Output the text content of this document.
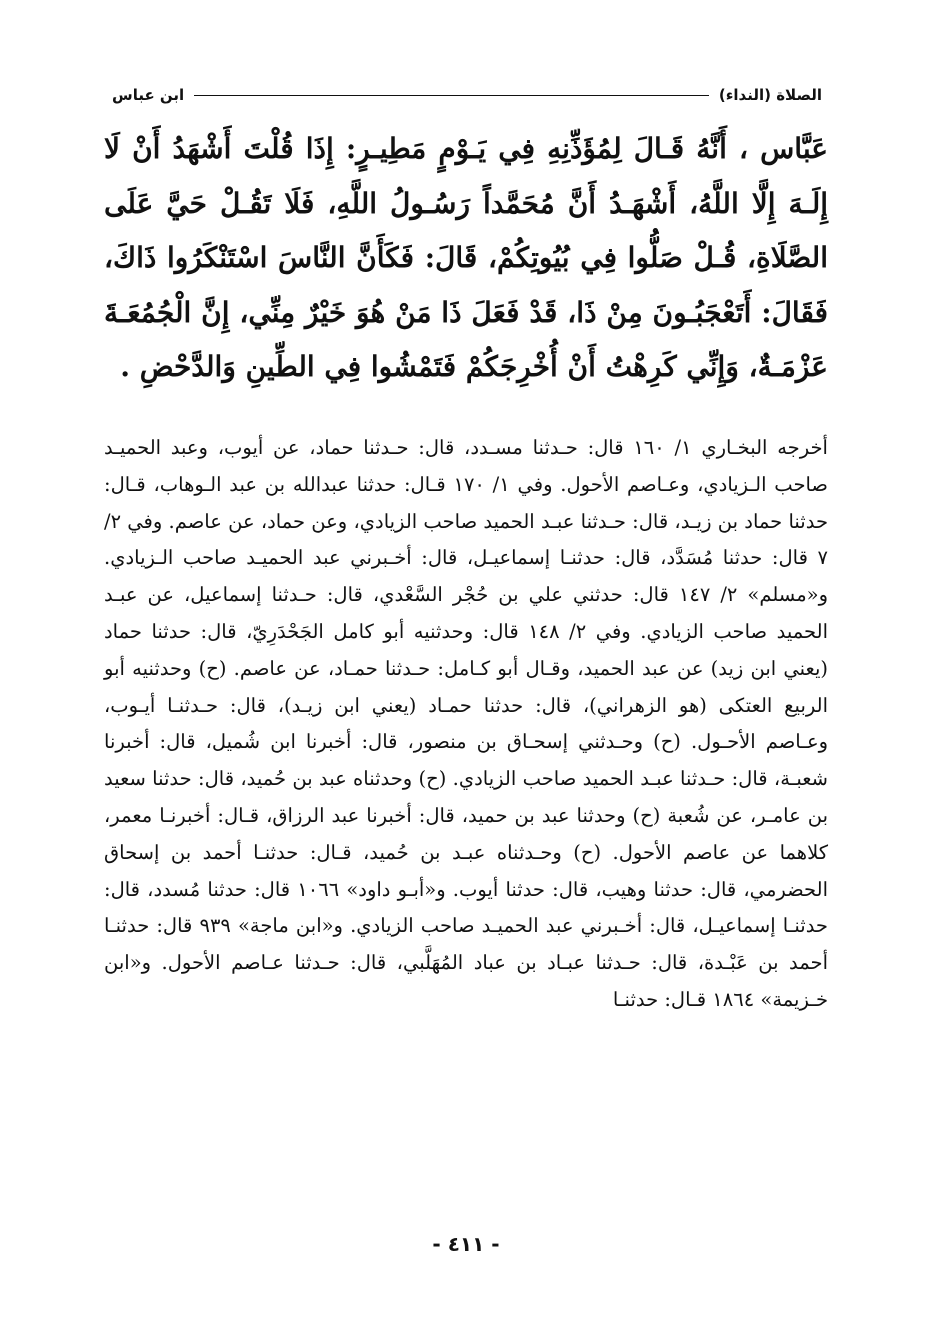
الصلاة (النداء)
ابن عباس

عَبَّاس ، أَنَّهُ قَـالَ لِمُؤَذِّنِهِ فِي يَـوْمٍ مَطِيـرٍ: إِذَا قُلْتَ أَشْهَدُ أَنْ لَا إِلَـهَ إِلَّا اللَّهُ، أَشْهَـدُ أَنَّ مُحَمَّداً رَسُـولُ اللَّهِ، فَلَا تَقُـلْ حَيَّ عَلَى الصَّلَاةِ، قُـلْ صَلُّوا فِي بُيُوتِكُمْ، قَالَ: فَكَأَنَّ النَّاسَ اسْتَنْكَرُوا ذَاكَ، فَقَالَ: أَتَعْجَبُـونَ مِنْ ذَا، قَدْ فَعَلَ ذَا مَنْ هُوَ خَيْرٌ مِنِّي، إِنَّ الْجُمُعَـةَ عَزْمَـةٌ، وَإِنِّي كَرِهْتُ أَنْ أُخْرِجَكُمْ فَتَمْشُوا فِي الطِّينِ وَالدَّحْضِ .

أخرجه البخـاري ١/ ١٦٠ قال: حـدثنا مسـدد، قال: حـدثنا حماد، عن أيوب، وعبد الحميـد صاحب الـزيادي، وعـاصم الأحول. وفي ١/ ١٧٠ قـال: حدثنا عبدالله بن عبد الـوهاب، قـال: حدثنا حماد بن زيـد، قال: حـدثنا عبـد الحميد صاحب الزيادي، وعن حماد، عن عاصم. وفي ٢/ ٧ قال: حدثنا مُسَدَّد، قال: حدثنـا إسماعيـل، قال: أخـبرني عبد الحميـد صاحب الـزيادي. و«مسلم» ٢/ ١٤٧ قال: حدثني علي بن حُجْر السَّعْدي، قال: حـدثنا إسماعيل، عن عبـد الحميد صاحب الزيادي. وفي ٢/ ١٤٨ قال: وحدثنيه أبو كامل الجَحْدَرِيّ، قال: حدثنا حماد (يعني ابن زيد) عن عبد الحميد، وقـال أبو كـامل: حـدثنا حمـاد، عن عاصم. (ح) وحدثنيه أبو الربيع العتكى (هو الزهراني)، قال: حدثنا حمـاد (يعني ابن زيـد)، قال: حـدثنـا أيـوب، وعـاصم الأحـول. (ح) وحـدثني إسحـاق بن منصور، قال: أخبرنا ابن شُميل، قال: أخبرنا شعبـة، قال: حـدثنا عبـد الحميد صاحب الزيادي. (ح) وحدثناه عبد بن حُميد، قال: حدثنا سعيد بن عامـر، عن شُعبة (ح) وحدثنا عبد بن حميد، قال: أخبرنا عبد الرزاق، قـال: أخبرنـا معمر، كلاهما عن عاصم الأحول. (ح) وحـدثناه عبـد بن حُميد، قـال: حدثنـا أحمد بن إسحاق الحضرمي، قال: حدثنا وهيب، قال: حدثنا أيوب. و«أبـو داود» ١٠٦٦ قال: حدثنا مُسدد، قال: حدثنـا إسماعيـل، قال: أخـبرني عبد الحميـد صاحب الزيادي. و«ابن ماجة» ٩٣٩ قال: حدثنـا أحمد بن عَبْـدة، قال: حـدثنا عبـاد بن عباد المُهَلَّبي، قال: حـدثنا عـاصم الأحول. و«ابن خـزيمة» ١٨٦٤ قـال: حدثنـا

- ٤١١ -
